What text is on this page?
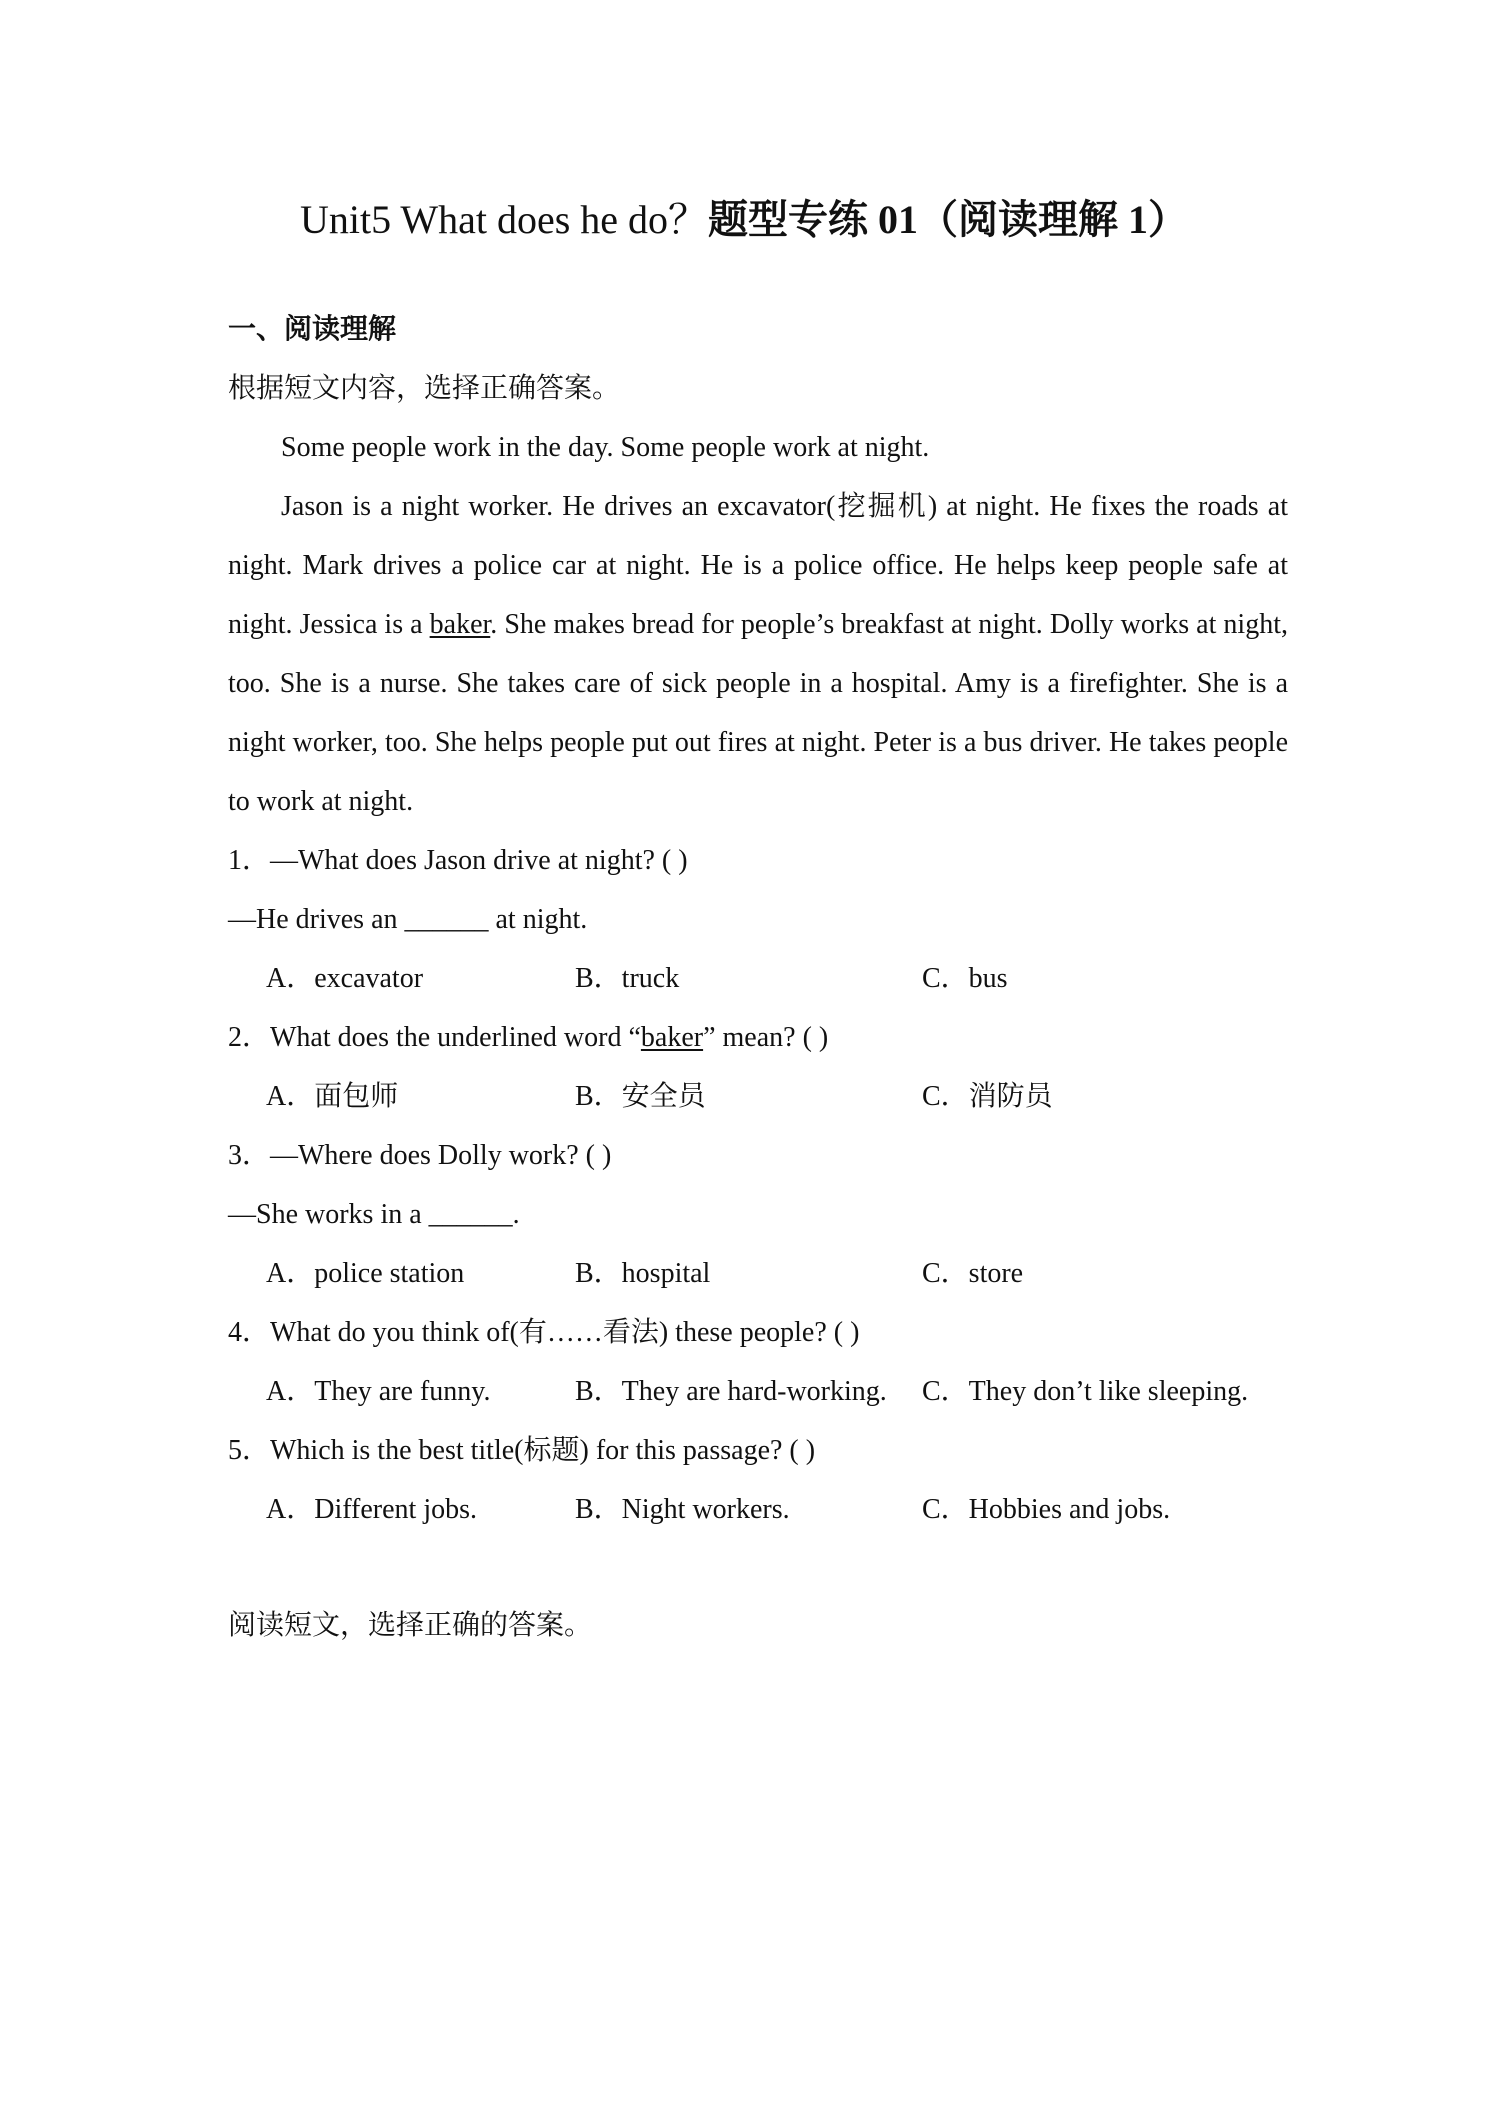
Unit5 What does he do？题型专练 01（阅读理解 1）
一、阅读理解
根据短文内容，选择正确答案。
Some people work in the day. Some people work at night.
Jason is a night worker. He drives an excavator(挖掘机) at night. He fixes the roads at night. Mark drives a police car at night. He is a police office. He helps keep people safe at night. Jessica is a baker. She makes bread for people’s breakfast at night. Dolly works at night, too. She is a nurse. She takes care of sick people in a hospital. Amy is a firefighter. She is a night worker, too. She helps people put out fires at night. Peter is a bus driver. He takes people to work at night.
1．—What does Jason drive at night? ( )
—He drives an ______ at night.
A．excavator	B．truck	C．bus
2．What does the underlined word “baker” mean? ( )
A．面包师	B．安全员	C．消防员
3．—Where does Dolly work? ( )
—She works in a ______.
A．police station	B．hospital	C．store
4．What do you think of(有……看法) these people? ( )
A．They are funny.	B．They are hard-working.	C．They don’t like sleeping.
5．Which is the best title(标题) for this passage? ( )
A．Different jobs.	B．Night workers.	C．Hobbies and jobs.
阅读短文，选择正确的答案。
